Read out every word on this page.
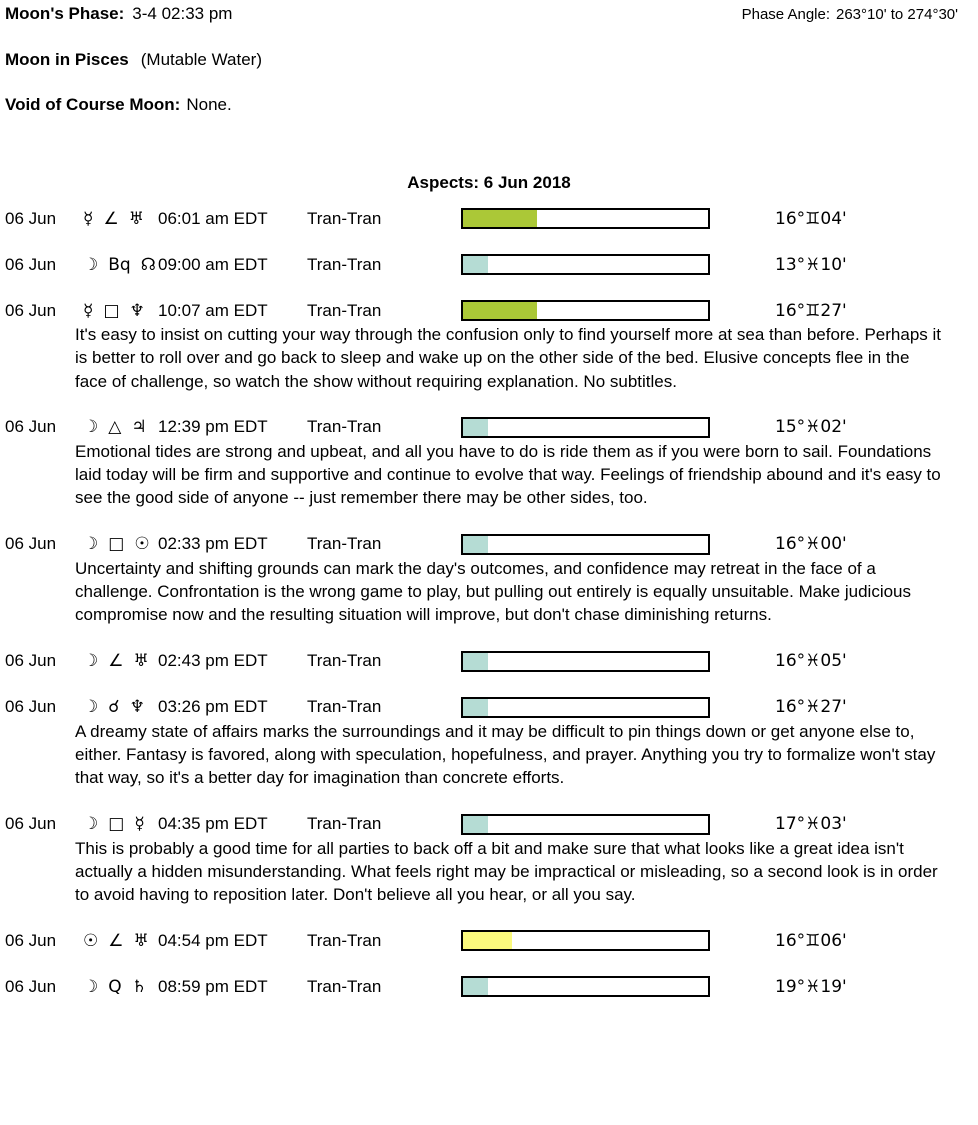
Moon's Phase: 3-4 02:33 pm	Phase Angle: 263°10' to 274°30'
Moon in Pisces (Mutable Water)
Void of Course Moon: None.
Aspects: 6 Jun 2018
06 Jun	☿ ∠ ♅ 06:01 am EDT	Tran-Tran	16°♊04'
06 Jun	☽ Bq ☊ 09:00 am EDT	Tran-Tran	13°♓10'
06 Jun	☿ □ ♆ 10:07 am EDT	Tran-Tran	16°♊27'

It's easy to insist on cutting your way through the confusion only to find yourself more at sea than before. Perhaps it is better to roll over and go back to sleep and wake up on the other side of the bed. Elusive concepts flee in the face of challenge, so watch the show without requiring explanation. No subtitles.

06 Jun	☽ △ ♃ 12:39 pm EDT	Tran-Tran	15°♓02'

Emotional tides are strong and upbeat, and all you have to do is ride them as if you were born to sail. Foundations laid today will be firm and supportive and continue to evolve that way. Feelings of friendship abound and it's easy to see the good side of anyone -- just remember there may be other sides, too.

06 Jun	☽ □ ☉ 02:33 pm EDT	Tran-Tran	16°♓00'

Uncertainty and shifting grounds can mark the day's outcomes, and confidence may retreat in the face of a challenge. Confrontation is the wrong game to play, but pulling out entirely is equally unsuitable. Make judicious compromise now and the resulting situation will improve, but don't chase diminishing returns.

06 Jun	☽ ∠ ♅ 02:43 pm EDT	Tran-Tran	16°♓05'
06 Jun	☽ ☌ ♆ 03:26 pm EDT	Tran-Tran	16°♓27'

A dreamy state of affairs marks the surroundings and it may be difficult to pin things down or get anyone else to, either. Fantasy is favored, along with speculation, hopefulness, and prayer. Anything you try to formalize won't stay that way, so it's a better day for imagination than concrete efforts.

06 Jun	☽ □ ☿ 04:35 pm EDT	Tran-Tran	17°♓03'

This is probably a good time for all parties to back off a bit and make sure that what looks like a great idea isn't actually a hidden misunderstanding. What feels right may be impractical or misleading, so a second look is in order to avoid having to reposition later. Don't believe all you hear, or all you say.

06 Jun	☉ ∠ ♅ 04:54 pm EDT	Tran-Tran	16°♊06'
06 Jun	☽ Q ♄ 08:59 pm EDT	Tran-Tran	19°♓19'
